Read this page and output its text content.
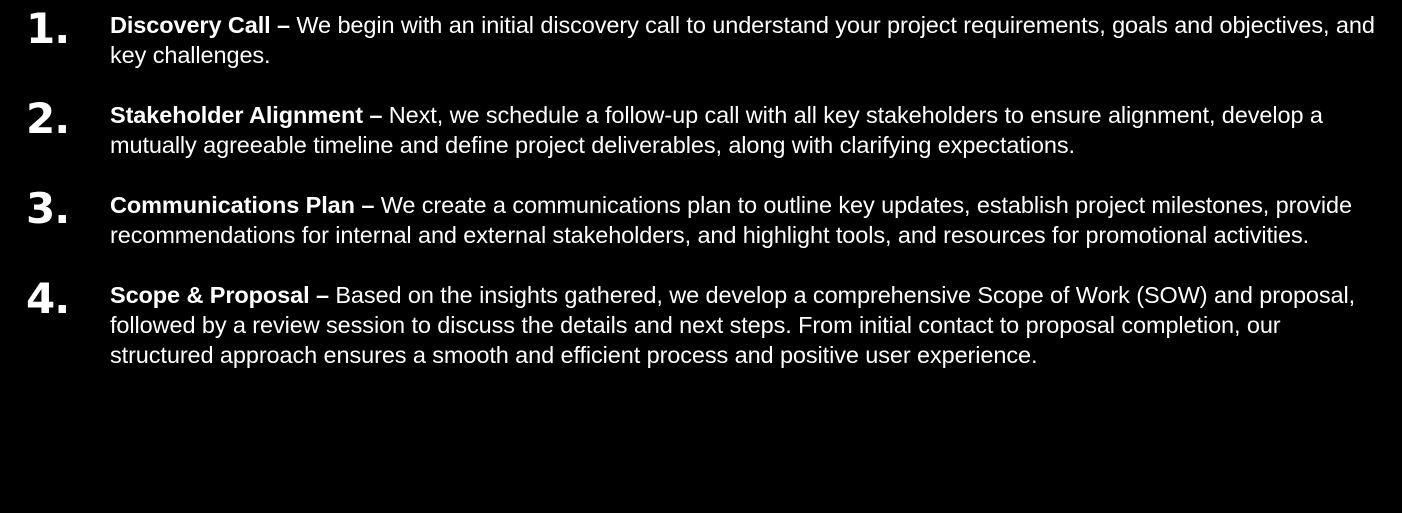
1.	Discovery Call – We begin with an initial discovery call to understand your project requirements, goals and objectives, and key challenges.
2.	Stakeholder Alignment – Next, we schedule a follow-up call with all key stakeholders to ensure alignment, develop a mutually agreeable timeline and define project deliverables, along with clarifying expectations.
3.	Communications Plan – We create a communications plan to outline key updates, establish project milestones, provide recommendations for internal and external stakeholders, and highlight tools, and resources for promotional activities.
4.	Scope & Proposal – Based on the insights gathered, we develop a comprehensive Scope of Work (SOW) and proposal, followed by a review session to discuss the details and next steps. From initial contact to proposal completion, our structured approach ensures a smooth and efficient process and positive user experience.
